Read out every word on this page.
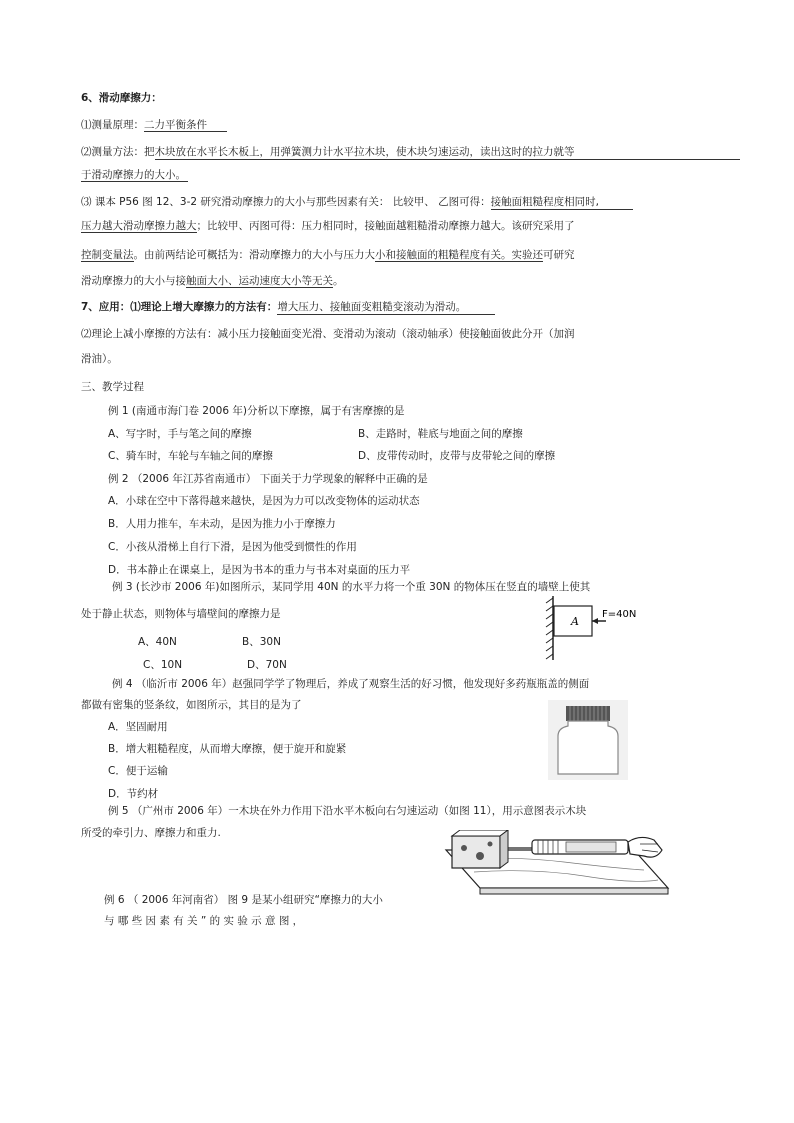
6、滑动摩擦力：
⑴测量原理：二力平衡条件
⑵测量方法：把木块放在水平长木板上，用弹簧测力计水平拉木块，使木块匀速运动，读出这时的拉力就等
于滑动摩擦力的大小。
⑶ 课本 P56 图 12、3-2 研究滑动摩擦力的大小与那些因素有关： 比较甲、 乙图可得：接触面粗糙程度相同时,
压力越大滑动摩擦力越大；比较甲、丙图可得：压力相同时，接触面越粗糙滑动摩擦力越大。该研究采用了
控制变量法。由前两结论可概括为：滑动摩擦力的大小与压力大小和接触面的粗糙程度有关。实验还可研究
滑动摩擦力的大小与接触面大小、运动速度大小等无关。
7、应用：⑴理论上增大摩擦力的方法有：增大压力、接触面变粗糙变滚动为滑动。
⑵理论上减小摩擦的方法有：减小压力接触面变光滑、变滑动为滚动（滚动轴承）使接触面彼此分开（加润
滑油）。
三、教学过程
例 1 (南通市海门卷 2006 年)分析以下摩擦，属于有害摩擦的是
A、写字时，手与笔之间的摩擦	B、走路时，鞋底与地面之间的摩擦
C、骑车时，车轮与车轴之间的摩擦	D、皮带传动时，皮带与皮带轮之间的摩擦
例 2 （2006 年江苏省南通市） 下面关于力学现象的解释中正确的是
A．小球在空中下落得越来越快，是因为力可以改变物体的运动状态
B．人用力推车，车未动，是因为推力小于摩擦力
C．小孩从滑梯上自行下滑，是因为他受到惯性的作用
D．书本静止在课桌上，是因为书本的重力与书本对桌面的压力平
例 3 (长沙市 2006 年)如图所示，某同学用 40N 的水平力将一个重 30N 的物体压在竖直的墙壁上使其
处于静止状态，则物体与墙壁间的摩擦力是
A、40N	B、30N
C、10N	D、70N
A
F=40N
例 4 （临沂市 2006 年）赵强同学学了物理后，养成了观察生活的好习惯，他发现好多药瓶瓶盖的侧面
都做有密集的竖条纹，如图所示，其目的是为了
A．坚固耐用
B．增大粗糙程度，从而增大摩擦，便于旋开和旋紧
C．便于运输
D．节约材
例 5 （广州市 2006 年）一木块在外力作用下沿水平木板向右匀速运动（如图 11），用示意图表示木块
所受的牵引力、摩擦力和重力.
例 6 （ 2006 年河南省） 图 9 是某小组研究“摩擦力的大小
与 哪 些 因 素 有 关 ” 的 实 验 示 意 图 ，
